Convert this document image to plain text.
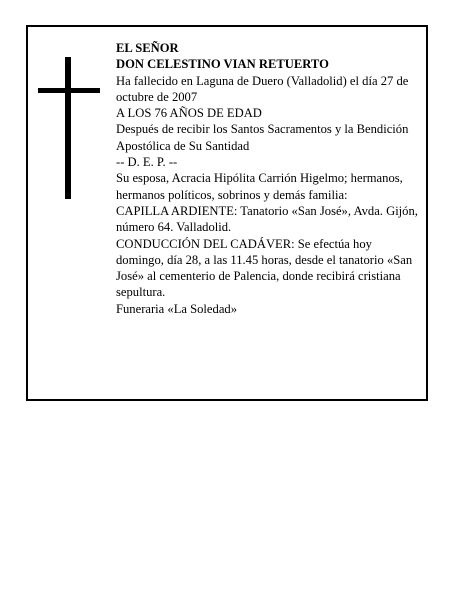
EL SEÑOR

DON CELESTINO VIAN RETUERTO

Ha fallecido en Laguna de Duero (Valladolid) el día 27 de octubre de 2007

A LOS 76 AÑOS DE EDAD

Después de recibir los Santos Sacramentos y la Bendición Apostólica de Su Santidad

-- D. E. P. --

Su esposa, Acracia Hipólita Carrión Higelmo; hermanos, hermanos políticos, sobrinos y demás familia:

CAPILLA ARDIENTE: Tanatorio «San José», Avda. Gijón, número 64. Valladolid.

CONDUCCIÓN DEL CADÁVER: Se efectúa hoy domingo, día 28, a las 11.45 horas, desde el tanatorio «San José» al cementerio de Palencia, donde recibirá cristiana sepultura.

Funeraria «La Soledad»
